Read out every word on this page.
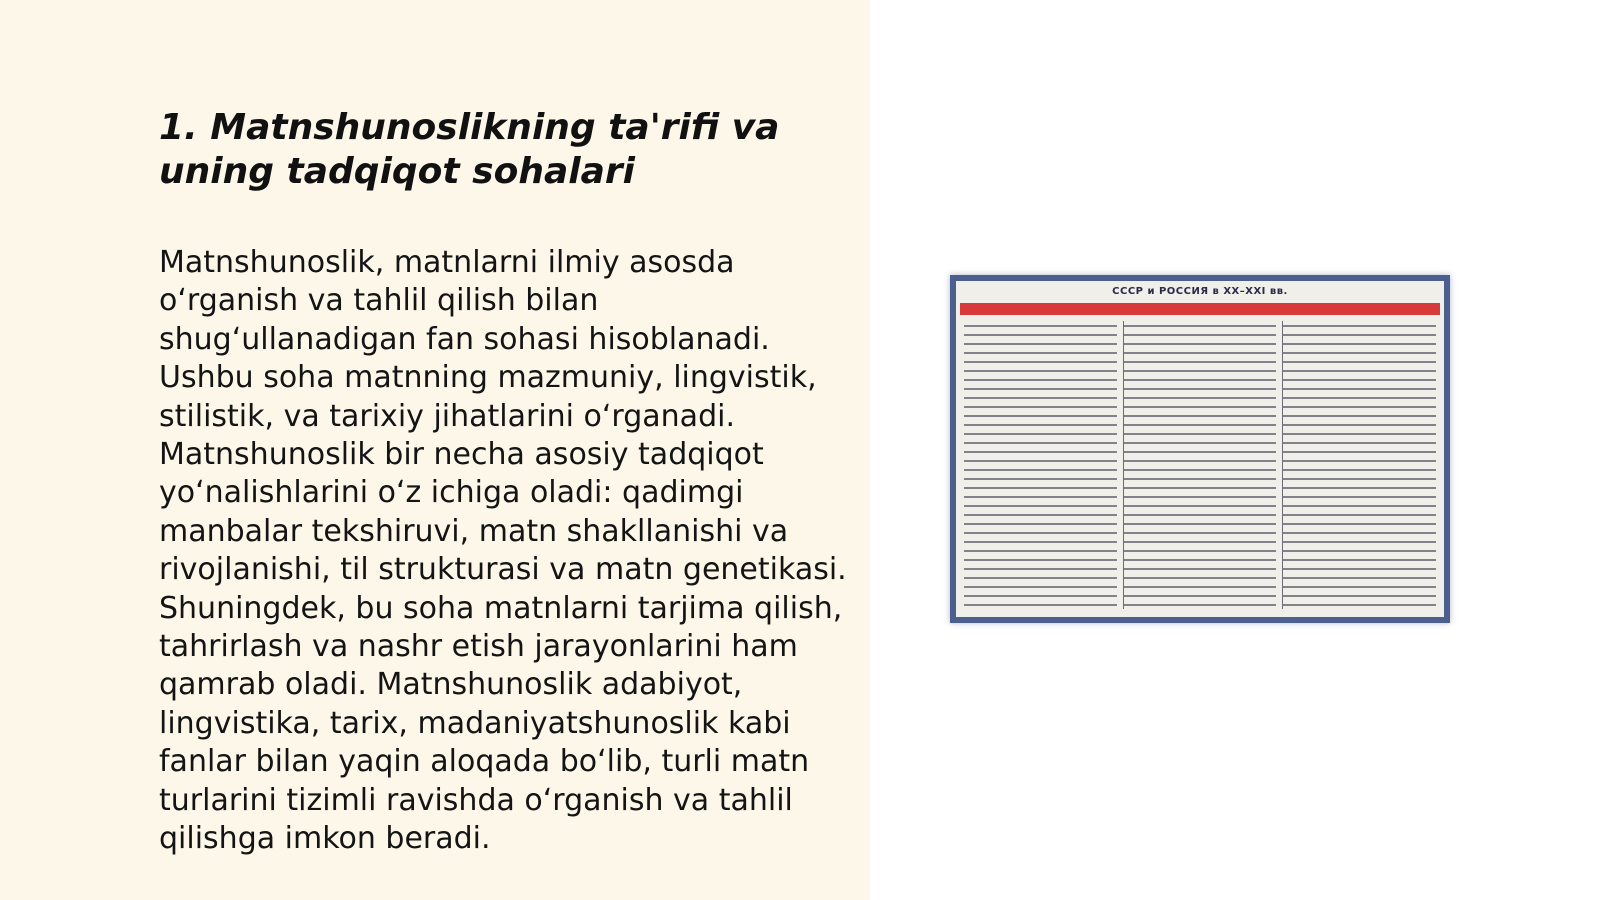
1. Matnshunoslikning ta'rifi va uning tadqiqot sohalari

Matnshunoslik, matnlarni ilmiy asosda o‘rganish va tahlil qilish bilan shug‘ullanadigan fan sohasi hisoblanadi. Ushbu soha matnning mazmuniy, lingvistik, stilistik, va tarixiy jihatlarini o‘rganadi. Matnshunoslik bir necha asosiy tadqiqot yo‘nalishlarini o‘z ichiga oladi: qadimgi manbalar tekshiruvi, matn shakllanishi va rivojlanishi, til strukturasi va matn genetikasi. Shuningdek, bu soha matnlarni tarjima qilish, tahrirlash va nashr etish jarayonlarini ham qamrab oladi. Matnshunoslik adabiyot, lingvistika, tarix, madaniyatshunoslik kabi fanlar bilan yaqin aloqada bo‘lib, turli matn turlarini tizimli ravishda o‘rganish va tahlil qilishga imkon beradi.

СССР и РОССИЯ в XX–XXI вв.
